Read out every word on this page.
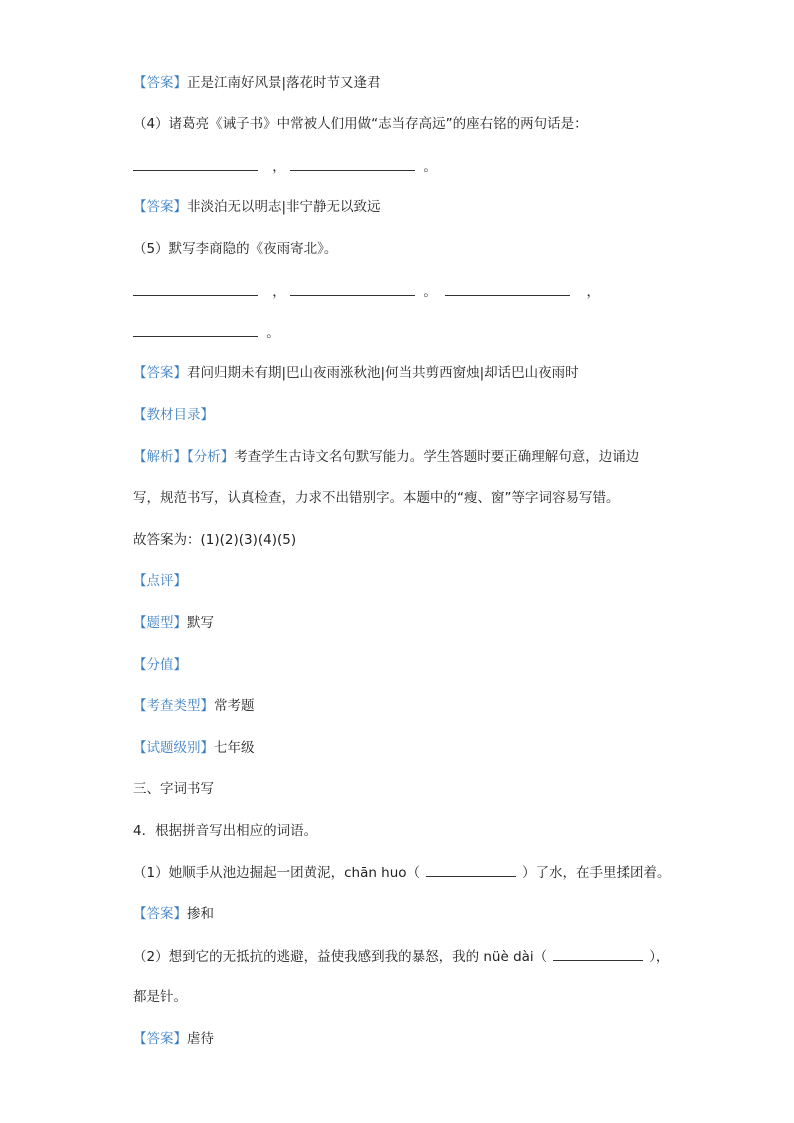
【答案】正是江南好风景|落花时节又逢君
（4）诸葛亮《诫子书》中常被人们用做“志当存高远”的座右铭的两句话是：
，	。
【答案】非淡泊无以明志|非宁静无以致远
（5）默写李商隐的《夜雨寄北》。
，	。	，
。
【答案】君问归期未有期|巴山夜雨涨秋池|何当共剪西窗烛|却话巴山夜雨时
【教材目录】
【解析】【分析】考查学生古诗文名句默写能力。学生答题时要正确理解句意，边诵边
写，规范书写，认真检查，力求不出错别字。本题中的“瘦、窗”等字词容易写错。
故答案为：(1)(2)(3)(4)(5)
【点评】
【题型】默写
【分值】
【考查类型】常考题
【试题级别】七年级
三、字词书写
4．根据拼音写出相应的词语。
（1）她顺手从池边掘起一团黄泥，chān huo（	）了水，在手里揉团着。
【答案】掺和
（2）想到它的无抵抗的逃避，益使我感到我的暴怒，我的 nüè dài（	），
都是针。
【答案】虐待
